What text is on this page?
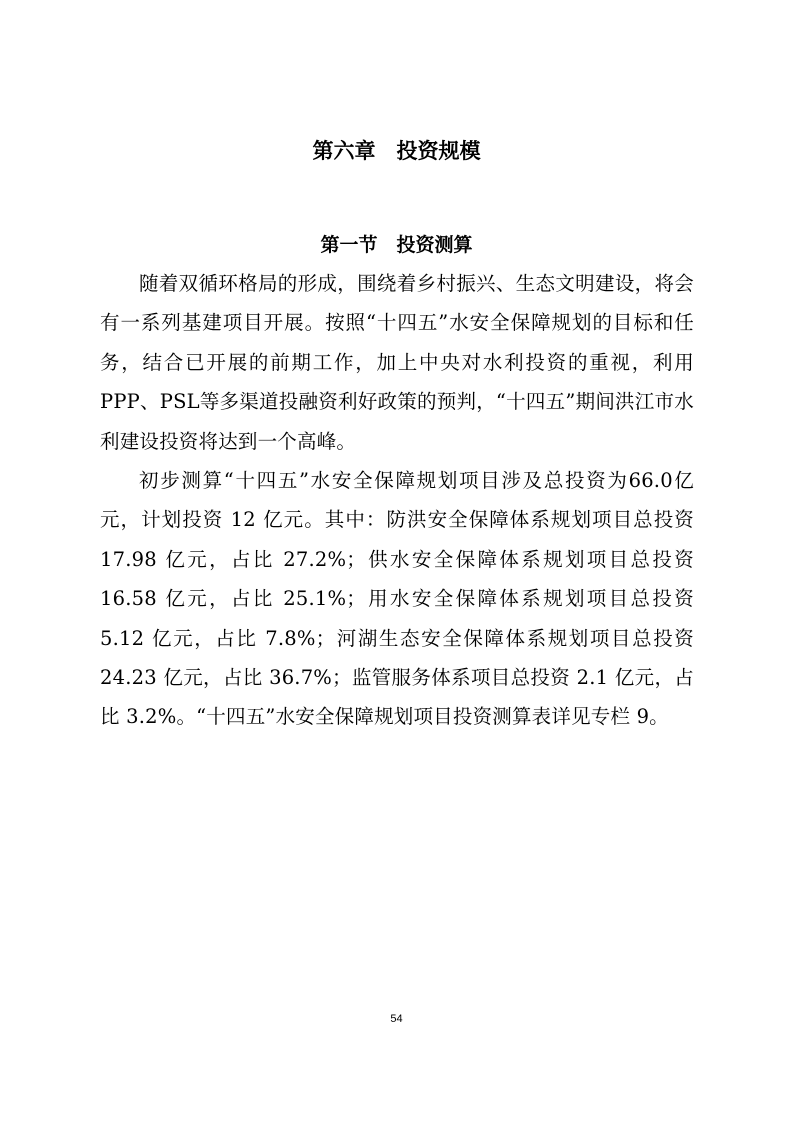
第六章　投资规模
第一节　投资测算

随着双循环格局的形成，围绕着乡村振兴、生态文明建设，将会有一系列基建项目开展。按照“十四五”水安全保障规划的目标和任务，结合已开展的前期工作，加上中央对水利投资的重视，利用PPP、PSL等多渠道投融资利好政策的预判，“十四五”期间洪江市水利建设投资将达到一个高峰。

初步测算“十四五”水安全保障规划项目涉及总投资为66.0亿元，计划投资 12 亿元。其中：防洪安全保障体系规划项目总投资 17.98 亿元，占比 27.2%；供水安全保障体系规划项目总投资 16.58 亿元，占比 25.1%；用水安全保障体系规划项目总投资 5.12 亿元，占比 7.8%；河湖生态安全保障体系规划项目总投资 24.23 亿元，占比 36.7%；监管服务体系项目总投资 2.1 亿元，占比 3.2%。“十四五”水安全保障规划项目投资测算表详见专栏 9。

54
